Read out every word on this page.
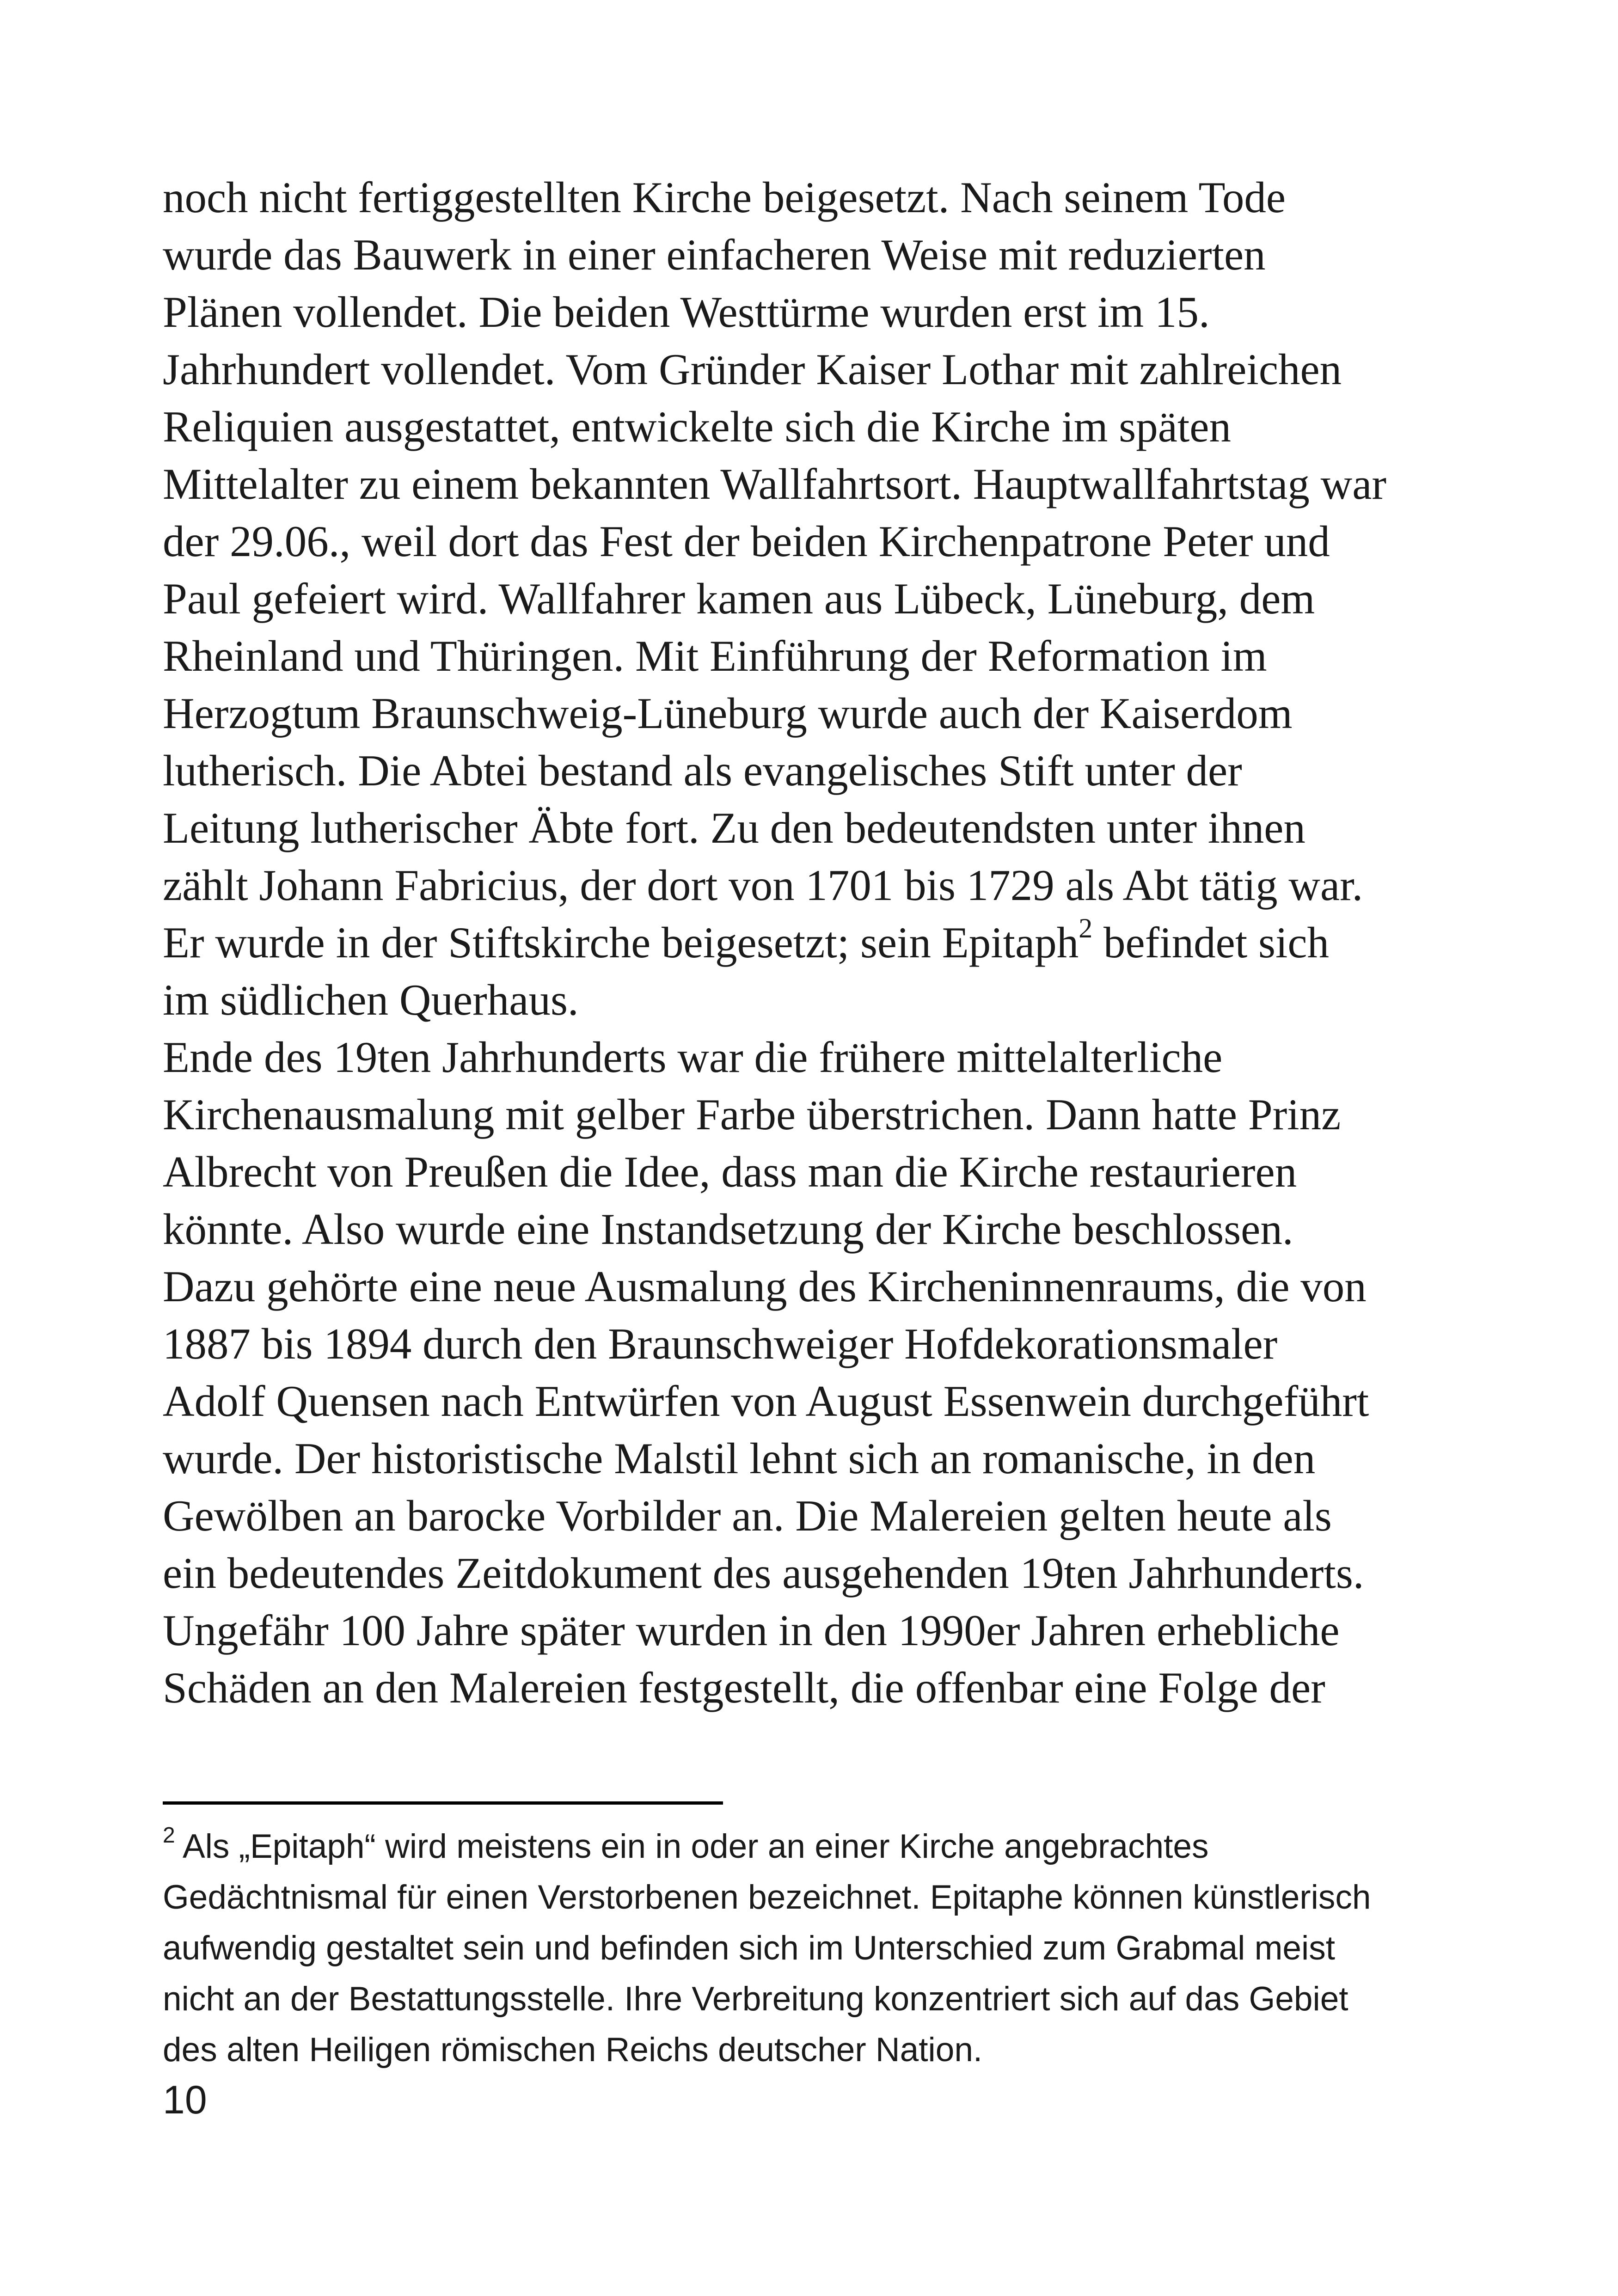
noch nicht fertiggestellten Kirche beigesetzt. Nach seinem Tode
wurde das Bauwerk in einer einfacheren Weise mit reduzierten
Plänen vollendet. Die beiden Westtürme wurden erst im 15.
Jahrhundert vollendet. Vom Gründer Kaiser Lothar mit zahlreichen
Reliquien ausgestattet, entwickelte sich die Kirche im späten
Mittelalter zu einem bekannten Wallfahrtsort. Hauptwallfahrtstag war
der 29.06., weil dort das Fest der beiden Kirchenpatrone Peter und
Paul gefeiert wird. Wallfahrer kamen aus Lübeck, Lüneburg, dem
Rheinland und Thüringen. Mit Einführung der Reformation im
Herzogtum Braunschweig-Lüneburg wurde auch der Kaiserdom
lutherisch. Die Abtei bestand als evangelisches Stift unter der
Leitung lutherischer Äbte fort. Zu den bedeutendsten unter ihnen
zählt Johann Fabricius, der dort von 1701 bis 1729 als Abt tätig war.
Er wurde in der Stiftskirche beigesetzt; sein Epitaph$^2$ befindet sich
im südlichen Querhaus.
Ende des 19ten Jahrhunderts war die frühere mittelalterliche
Kirchenausmalung mit gelber Farbe überstrichen. Dann hatte Prinz
Albrecht von Preußen die Idee, dass man die Kirche restaurieren
könnte. Also wurde eine Instandsetzung der Kirche beschlossen.
Dazu gehörte eine neue Ausmalung des Kircheninnenraums, die von
1887 bis 1894 durch den Braunschweiger Hofdekorationsmaler
Adolf Quensen nach Entwürfen von August Essenwein durchgeführt
wurde. Der historistische Malstil lehnt sich an romanische, in den
Gewölben an barocke Vorbilder an. Die Malereien gelten heute als
ein bedeutendes Zeitdokument des ausgehenden 19ten Jahrhunderts.
Ungefähr 100 Jahre später wurden in den 1990er Jahren erhebliche
Schäden an den Malereien festgestellt, die offenbar eine Folge der
$^2$ Als „Epitaph“ wird meistens ein in oder an einer Kirche angebrachtes
Gedächtnismal für einen Verstorbenen bezeichnet. Epitaphe können künstlerisch
aufwendig gestaltet sein und befinden sich im Unterschied zum Grabmal meist
nicht an der Bestattungsstelle. Ihre Verbreitung konzentriert sich auf das Gebiet
des alten Heiligen römischen Reichs deutscher Nation.
10
